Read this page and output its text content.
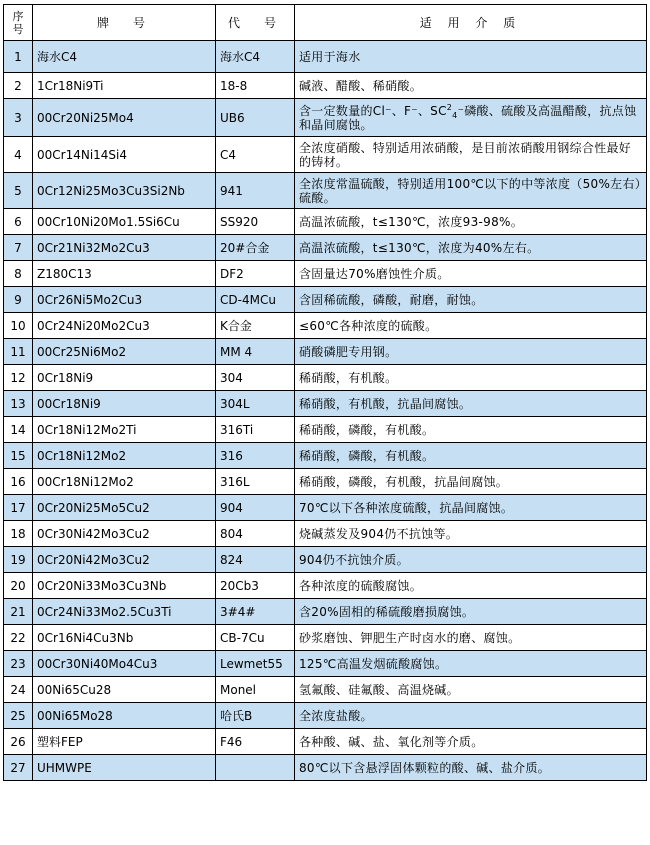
序号	牌　号	代　号	适 用 介 质
1	海水C4	海水C4	适用于海水
2	1Cr18Ni9Ti	18-8	碱液、醋酸、稀硝酸。
3	00Cr20Ni25Mo4	UB6	含一定数量的Cl⁻、F⁻、$SC^2_4^-$磷酸、硫酸及高温醋酸，抗点蚀和晶间腐蚀。
4	00Cr14Ni14Si4	C4	全浓度硝酸、特别适用浓硝酸，是目前浓硝酸用钢综合性最好的铸材。
5	0Cr12Ni25Mo3Cu3Si2Nb	941	全浓度常温硫酸，特别适用100℃以下的中等浓度（50%左右）硫酸。
6	00Cr10Ni20Mo1.5Si6Cu	SS920	高温浓硫酸，t≤130℃，浓度93-98%。
7	0Cr21Ni32Mo2Cu3	20#合金	高温浓硫酸，t≤130℃，浓度为40%左右。
8	Z180C13	DF2	含固量达70%磨蚀性介质。
9	0Cr26Ni5Mo2Cu3	CD-4MCu	含固稀硫酸，磷酸，耐磨，耐蚀。
10	0Cr24Ni20Mo2Cu3	K合金	≤60℃各种浓度的硫酸。
11	00Cr25Ni6Mo2	MM 4	硝酸磷肥专用钢。
12	0Cr18Ni9	304	稀硝酸，有机酸。
13	00Cr18Ni9	304L	稀硝酸，有机酸，抗晶间腐蚀。
14	0Cr18Ni12Mo2Ti	316Ti	稀硝酸，磷酸，有机酸。
15	0Cr18Ni12Mo2	316	稀硝酸，磷酸，有机酸。
16	00Cr18Ni12Mo2	316L	稀硝酸，磷酸，有机酸，抗晶间腐蚀。
17	0Cr20Ni25Mo5Cu2	904	70℃以下各种浓度硫酸，抗晶间腐蚀。
18	0Cr30Ni42Mo3Cu2	804	烧碱蒸发及904仍不抗蚀等。
19	0Cr20Ni42Mo3Cu2	824	904仍不抗蚀介质。
20	0Cr20Ni33Mo3Cu3Nb	20Cb3	各种浓度的硫酸腐蚀。
21	0Cr24Ni33Mo2.5Cu3Ti	3#4#	含20%固相的稀硫酸磨损腐蚀。
22	0Cr16Ni4Cu3Nb	CB-7Cu	砂浆磨蚀、钾肥生产时卤水的磨、腐蚀。
23	00Cr30Ni40Mo4Cu3	Lewmet55	125℃高温发烟硫酸腐蚀。
24	00Ni65Cu28	Monel	氢氟酸、硅氟酸、高温烧碱。
25	00Ni65Mo28	哈氏B	全浓度盐酸。
26	塑料FEP	F46	各种酸、碱、盐、氧化剂等介质。
27	UHMWPE		80℃以下含悬浮固体颗粒的酸、碱、盐介质。
